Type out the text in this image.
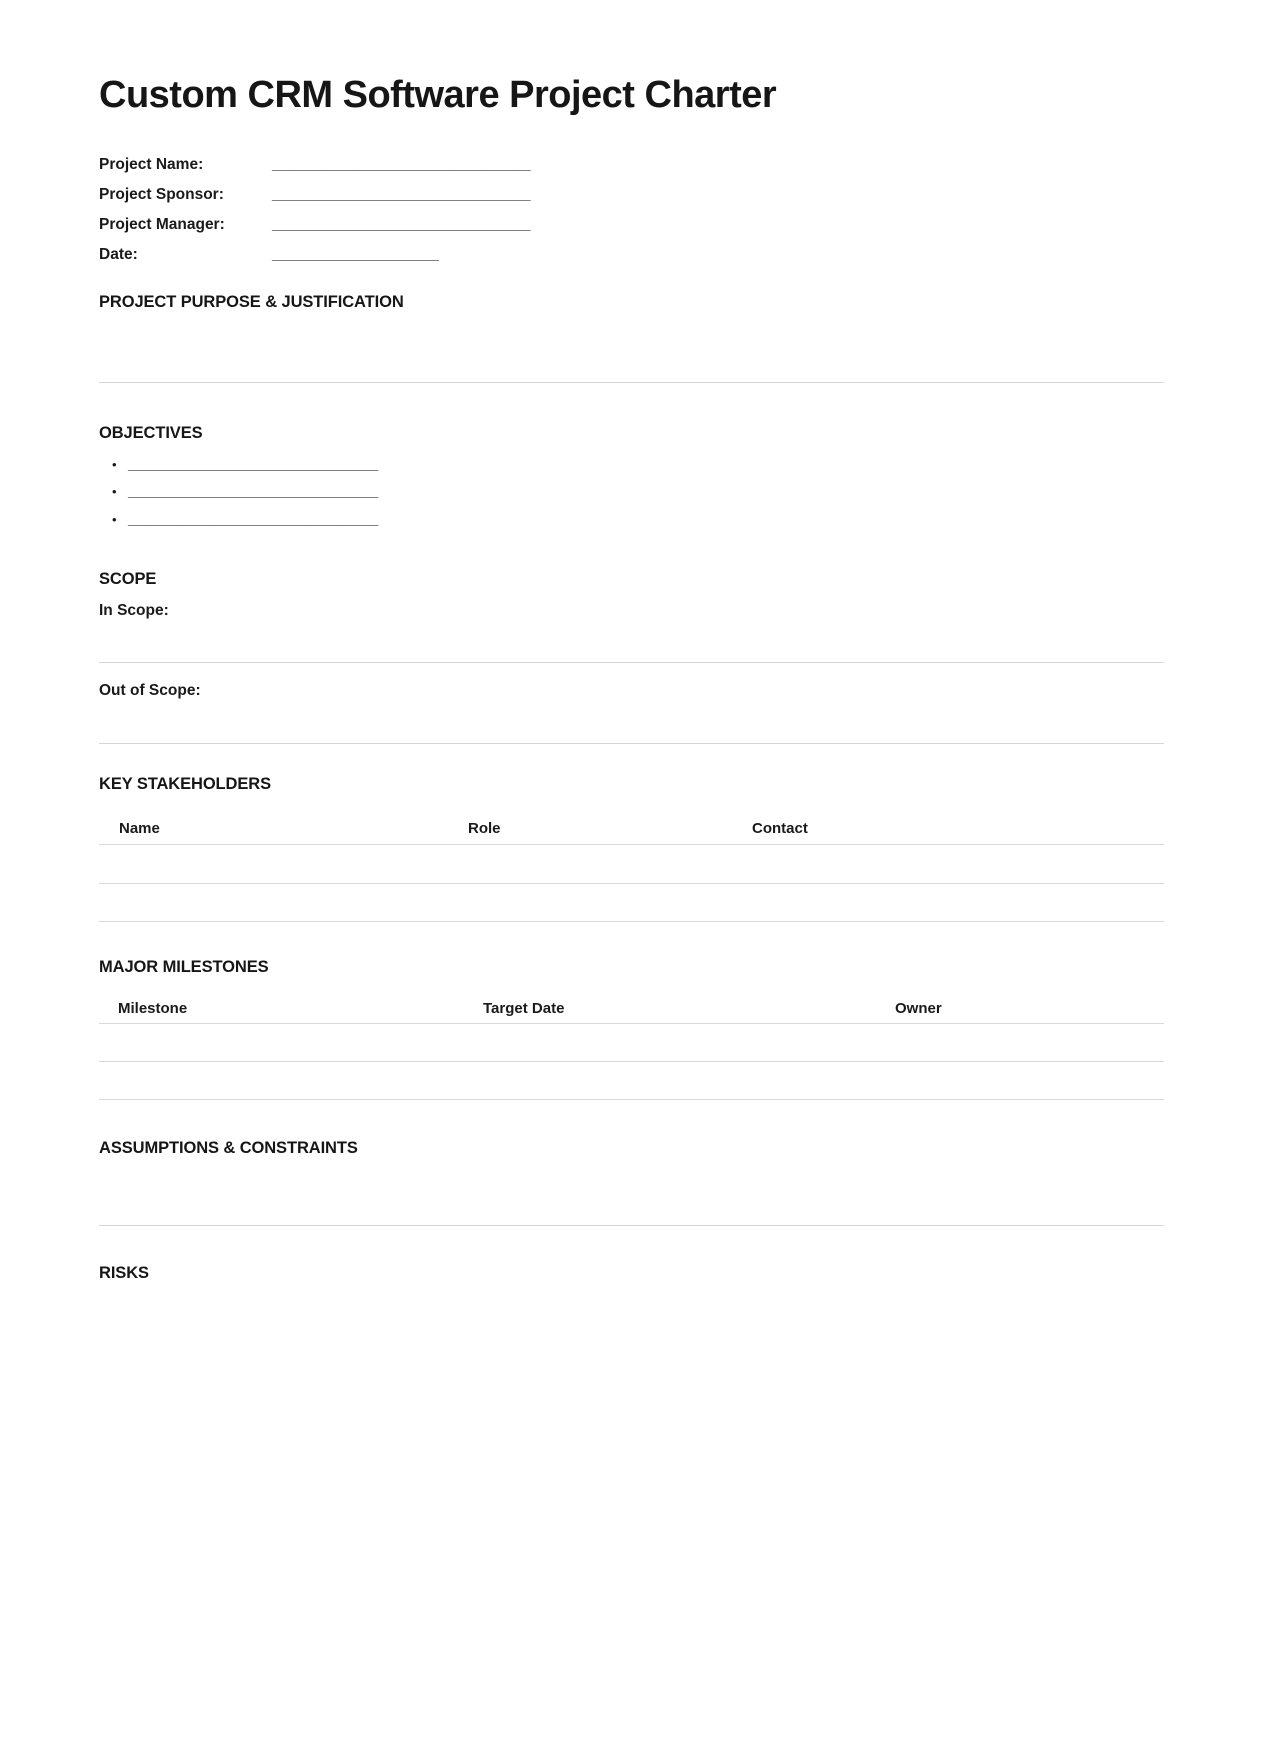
Custom CRM Software Project Charter
Project Name:	_______________________________
Project Sponsor:	_______________________________
Project Manager:	_______________________________
Date:	____________________
PROJECT PURPOSE & JUSTIFICATION
OBJECTIVES
• ______________________________
• ______________________________
• ______________________________
SCOPE
In Scope:
Out of Scope:
KEY STAKEHOLDERS
Name	Role	Contact
MAJOR MILESTONES
Milestone	Target Date	Owner
ASSUMPTIONS & CONSTRAINTS
RISKS
